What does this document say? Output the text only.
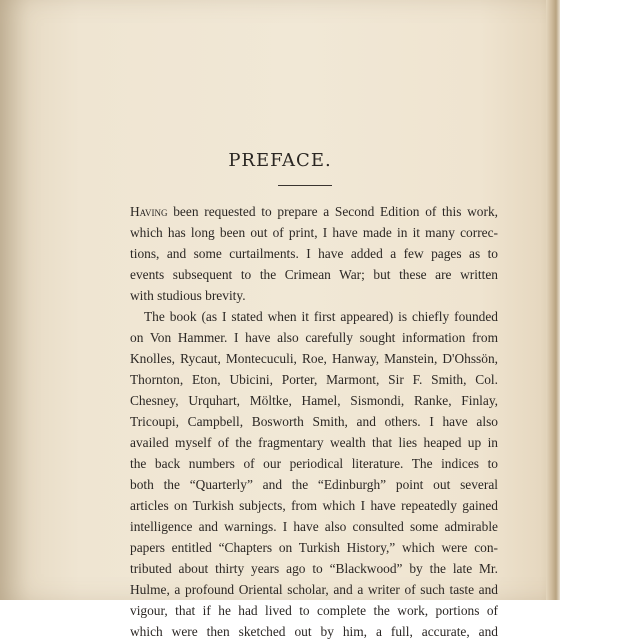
PREFACE.
Having been requested to prepare a Second Edition of this work,
which has long been out of print, I have made in it many correc-
tions, and some curtailments. I have added a few pages as to
events subsequent to the Crimean War; but these are written
with studious brevity.
The book (as I stated when it first appeared) is chiefly founded
on Von Hammer. I have also carefully sought information from
Knolles, Rycaut, Montecuculi, Roe, Hanway, Manstein, D'Ohssön,
Thornton, Eton, Ubicini, Porter, Marmont, Sir F. Smith, Col.
Chesney, Urquhart, Möltke, Hamel, Sismondi, Ranke, Finlay,
Tricoupi, Campbell, Bosworth Smith, and others. I have also
availed myself of the fragmentary wealth that lies heaped up in
the back numbers of our periodical literature. The indices to
both the “Quarterly” and the “Edinburgh” point out several
articles on Turkish subjects, from which I have repeatedly gained
intelligence and warnings. I have also consulted some admirable
papers entitled “Chapters on Turkish History,” which were con-
tributed about thirty years ago to “Blackwood” by the late Mr.
Hulme, a profound Oriental scholar, and a writer of such taste and
vigour, that if he had lived to complete the work, portions of
which were then sketched out by him, a full, accurate, and
